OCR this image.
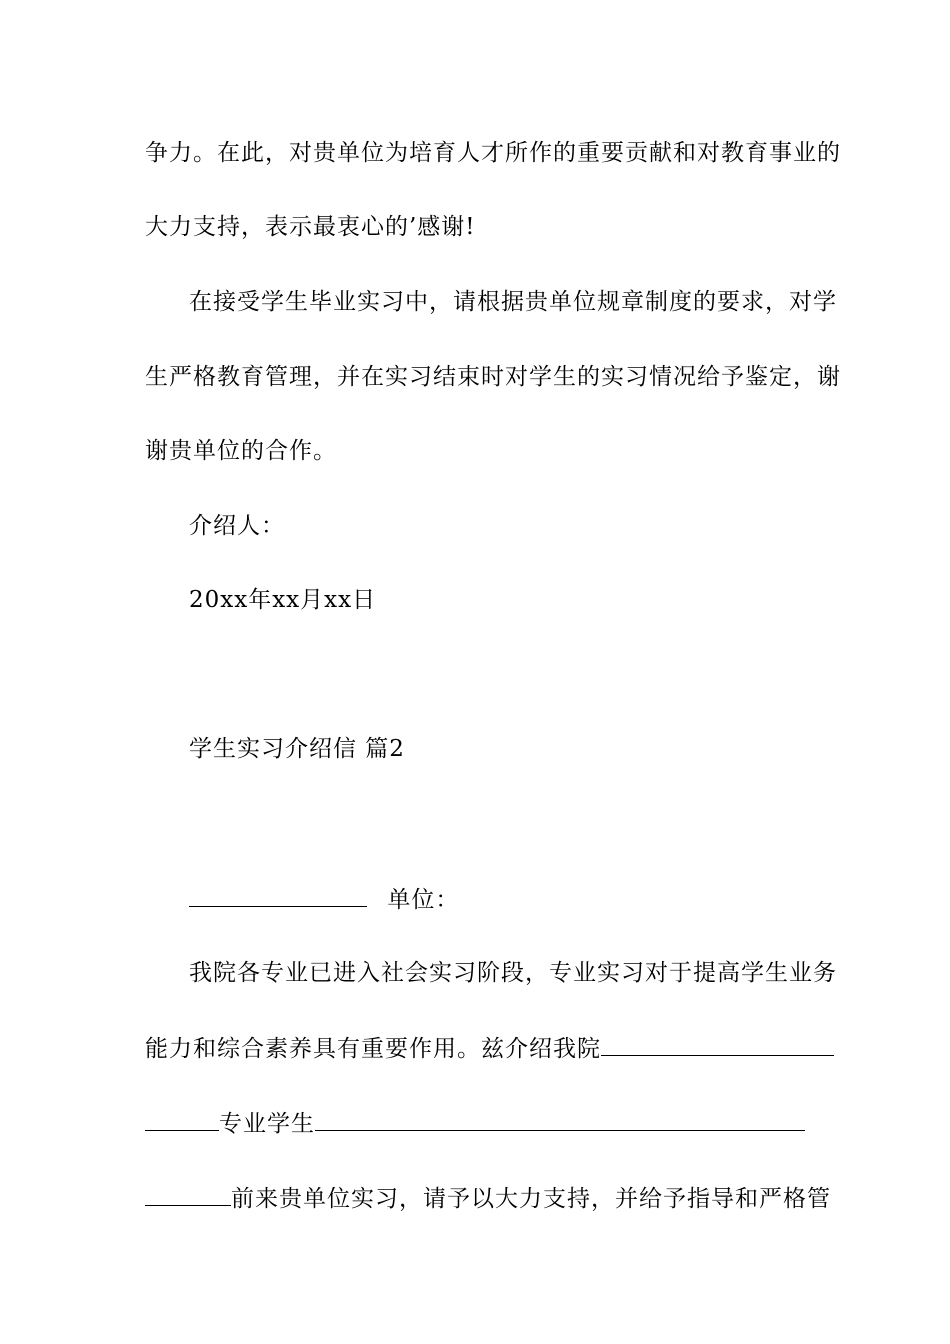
争力。在此，对贵单位为培育人才所作的重要贡献和对教育事业的
大力支持，表示最衷心的’感谢!
在接受学生毕业实习中，请根据贵单位规章制度的要求，对学
生严格教育管理，并在实习结束时对学生的实习情况给予鉴定，谢
谢贵单位的合作。
介绍人：
20xx年xx月xx日
学生实习介绍信 篇2
单位：
我院各专业已进入社会实习阶段，专业实习对于提高学生业务
能力和综合素养具有重要作用。兹介绍我院
专业学生
前来贵单位实习，请予以大力支持，并给予指导和严格管
